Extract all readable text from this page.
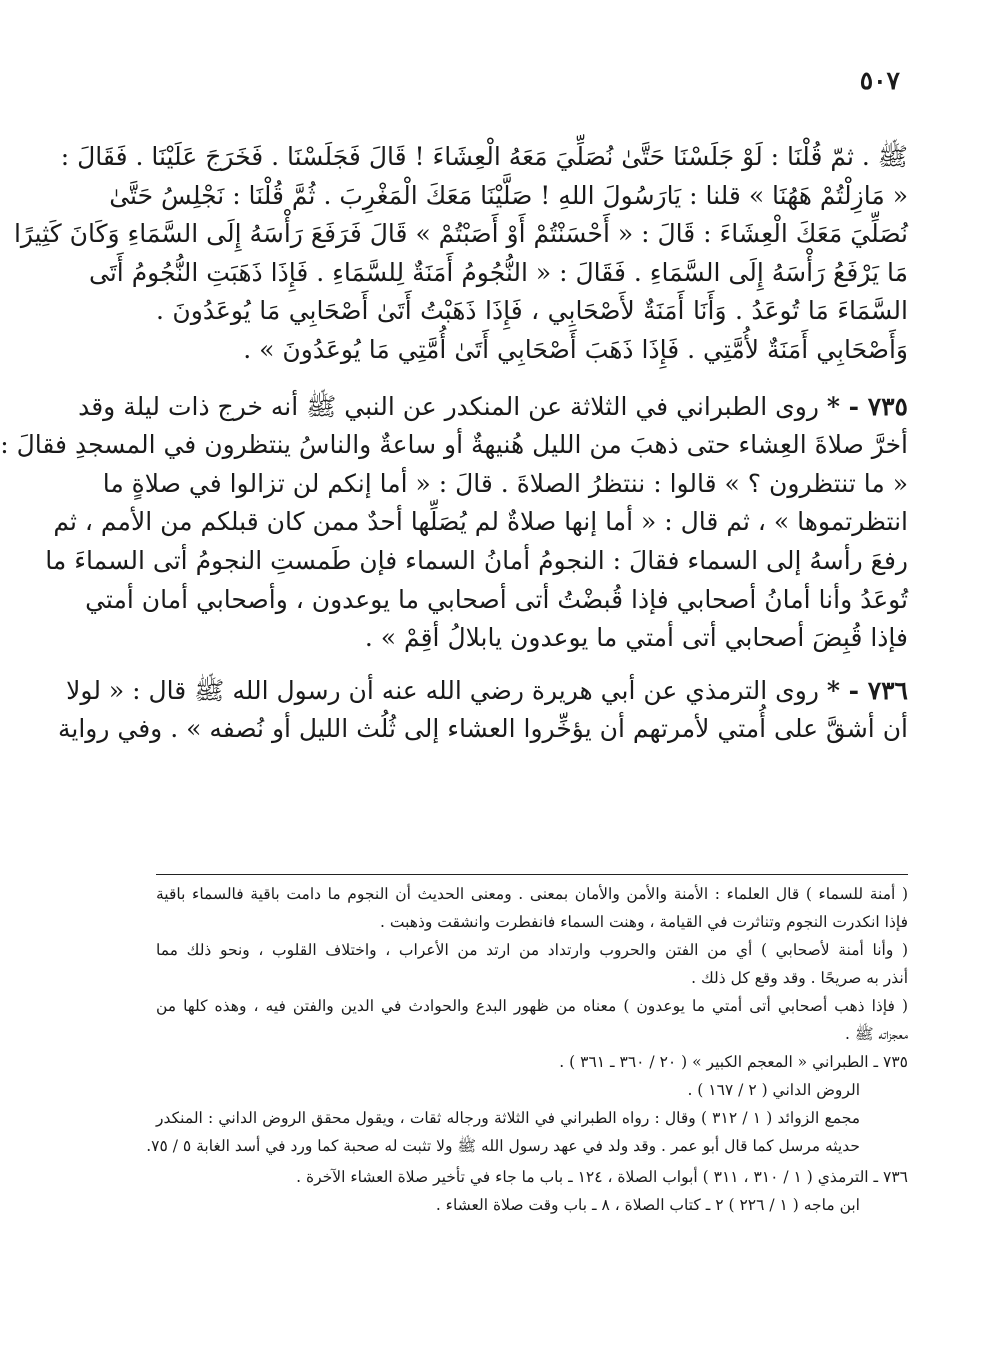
٥٠٧
ﷺ . ثمّ قُلْنَا : لَوْ جَلَسْنَا حَتَّىٰ نُصَلِّيَ مَعَهُ الْعِشَاءَ ! قَالَ فَجَلَسْنَا . فَخَرَجَ عَلَيْنَا . فَقَالَ :
« مَازِلْتُمْ هَهُنَا » قلنا : يَارَسُولَ اللهِ ! صَلَّيْنَا مَعَكَ الْمَغْرِبَ . ثُمَّ قُلْنَا : نَجْلِسُ حَتَّىٰ
نُصَلِّيَ مَعَكَ الْعِشَاءَ : قَالَ : « أَحْسَنْتُمْ أَوْ أَصَبْتُمْ » قَالَ فَرَفَعَ رَأْسَهُ إِلَى السَّمَاءِ وَكَانَ كَثِيرًا
مَا يَرْفَعُ رَأْسَهُ إِلَى السَّمَاءِ . فَقَالَ : « النُّجُومُ أَمَنَةٌ لِلسَّمَاءِ . فَإِذَا ذَهَبَتِ النُّجُومُ أَتَى
السَّمَاءَ مَا تُوعَدُ . وَأَنَا أَمَنَةٌ لأَصْحَابِي ، فَإِذَا ذَهَبْتُ أَتَىٰ أَصْحَابِي مَا يُوعَدُونَ .
وَأَصْحَابِي أَمَنَةٌ لأُمَّتِي . فَإِذَا ذَهَبَ أَصْحَابِي أَتَىٰ أُمَّتِي مَا يُوعَدُونَ » .
٧٣٥ - * روى الطبراني في الثلاثة عن المنكدر عن النبي ﷺ أنه خرج ذات ليلة وقد
أخرَّ صلاةَ العِشاء حتى ذهبَ من الليل هُنيهةٌ أو ساعةٌ والناسُ ينتظرون في المسجدِ فقالَ :
« ما تنتظرون ؟ » قالوا : ننتظرُ الصلاةَ . قالَ : « أما إنكم لن تزالوا في صلاةٍ ما
انتظرتموها » ، ثم قال : « أما إنها صلاةٌ لم يُصَلِّها أحدٌ ممن كان قبلكم من الأمم ، ثم
رفعَ رأسهُ إلى السماء فقالَ : النجومُ أمانُ السماء فإن طَمستِ النجومُ أتى السماءَ ما
تُوعَدُ وأنا أمانُ أصحابي فإذا قُبضْتُ أتى أصحابي ما يوعدون ، وأصحابي أمان أمتي
فإذا قُبِضَ أصحابي أتى أمتي ما يوعدون يابلالُ أقِمْ » .
٧٣٦ - * روى الترمذي عن أبي هريرة رضي الله عنه أن رسول الله ﷺ قال : « لولا
أن أشقَّ على أُمتي لأمرتهم أن يؤخِّروا العشاء إلى ثُلُث الليل أو نُصفه » . وفي رواية
( أمنة للسماء ) قال العلماء : الأمنة والأمن والأمان بمعنى . ومعنى الحديث أن النجوم ما دامت باقية فالسماء باقية
فإذا انكدرت النجوم وتناثرت في القيامة ، وهنت السماء فانفطرت وانشقت وذهبت .
( وأنا أمنة لأصحابي ) أي من الفتن والحروب وارتداد من ارتد من الأعراب ، واختلاف القلوب ، ونحو ذلك مما
أنذر به صريحًا . وقد وقع كل ذلك .
( فإذا ذهب أصحابي أتى أمتي ما يوعدون ) معناه من ظهور البدع والحوادث في الدين والفتن فيه ، وهذه كلها من
معجزاته ﷺ .
٧٣٥ ـ الطبراني « المعجم الكبير » ( ٢٠ / ٣٦٠ ـ ٣٦١ ) .
الروض الداني ( ٢ / ١٦٧ ) .
مجمع الزوائد ( ١ / ٣١٢ ) وقال : رواه الطبراني في الثلاثة ورجاله ثقات ، ويقول محقق الروض الداني : المنكدر
حديثه مرسل كما قال أبو عمر . وقد ولد في عهد رسول الله ﷺ ولا تثبت له صحبة كما ورد في أسد الغابة ٥ / ٧٥.
٧٣٦ ـ الترمذي ( ١ / ٣١٠ ، ٣١١ ) أبواب الصلاة ، ١٢٤ ـ باب ما جاء في تأخير صلاة العشاء الآخرة .
ابن ماجه ( ١ / ٢٢٦ ) ٢ ـ كتاب الصلاة ، ٨ ـ باب وقت صلاة العشاء .
